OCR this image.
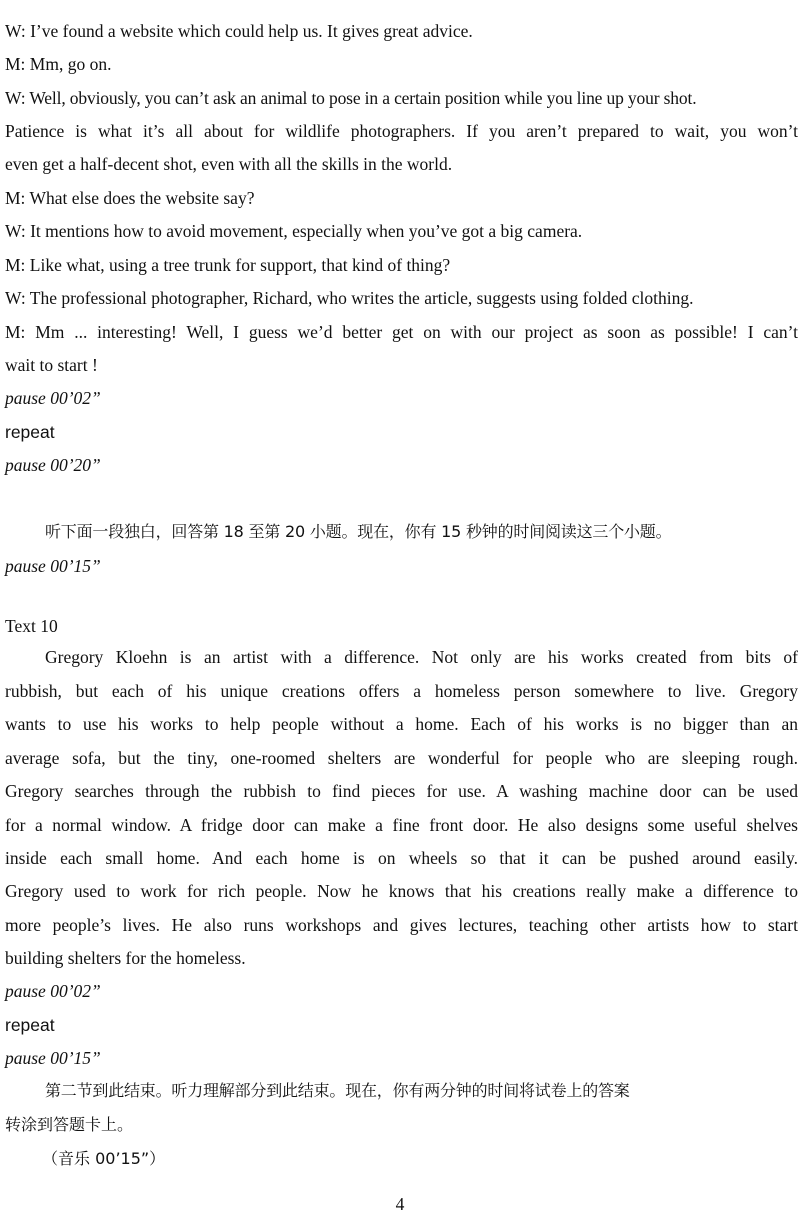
W: I’ve found a website which could help us. It gives great advice.
M: Mm, go on.
W: Well, obviously, you can’t ask an animal to pose in a certain position while you line up your shot.
Patience is what it’s all about for wildlife photographers. If you aren’t prepared to wait, you won’t
even get a half-decent shot, even with all the skills in the world.
M: What else does the website say?
W: It mentions how to avoid movement, especially when you’ve got a big camera.
M: Like what, using a tree trunk for support, that kind of thing?
W: The professional photographer, Richard, who writes the article, suggests using folded clothing.
M: Mm ... interesting! Well, I guess we’d better get on with our project as soon as possible! I can’t
wait to start !
pause 00’02”
repeat
pause 00’20”
听下面一段独白，回答第 18 至第 20 小题。现在，你有 15 秒钟的时间阅读这三个小题。
pause 00’15”
Text 10
Gregory Kloehn is an artist with a difference. Not only are his works created from bits of
rubbish, but each of his unique creations offers a homeless person somewhere to live. Gregory
wants to use his works to help people without a home. Each of his works is no bigger than an
average sofa, but the tiny, one-roomed shelters are wonderful for people who are sleeping rough.
Gregory searches through the rubbish to find pieces for use. A washing machine door can be used
for a normal window. A fridge door can make a fine front door. He also designs some useful shelves
inside each small home. And each home is on wheels so that it can be pushed around easily.
Gregory used to work for rich people. Now he knows that his creations really make a difference to
more people’s lives. He also runs workshops and gives lectures, teaching other artists how to start
building shelters for the homeless.
pause 00’02”
repeat
pause 00’15”
第二节到此结束。听力理解部分到此结束。现在，你有两分钟的时间将试卷上的答案
转涂到答题卡上。
（音乐 00’15”）
4
